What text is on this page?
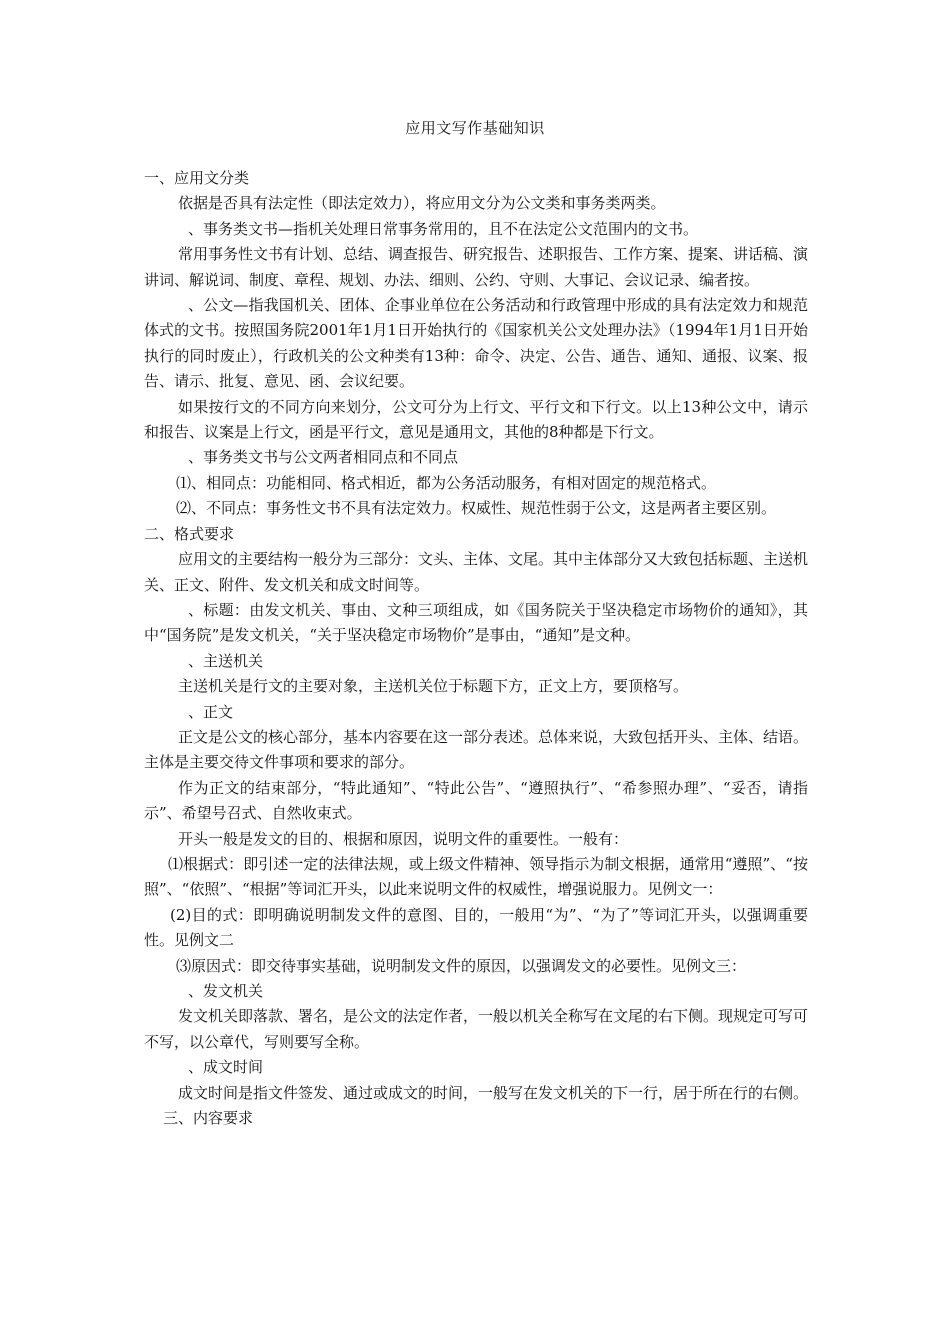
应用文写作基础知识

一、应用文分类

依据是否具有法定性（即法定效力），将应用文分为公文类和事务类两类。

、事务类文书—指机关处理日常事务常用的，且不在法定公文范围内的文书。

常用事务性文书有计划、总结、调查报告、研究报告、述职报告、工作方案、提案、讲话稿、演讲词、解说词、制度、章程、规划、办法、细则、公约、守则、大事记、会议记录、编者按。

、公文—指我国机关、团体、企事业单位在公务活动和行政管理中形成的具有法定效力和规范体式的文书。按照国务院2001年1月1日开始执行的《国家机关公文处理办法》（1994年1月1日开始执行的同时废止），行政机关的公文种类有13种：命令、决定、公告、通告、通知、通报、议案、报告、请示、批复、意见、函、会议纪要。

如果按行文的不同方向来划分，公文可分为上行文、平行文和下行文。以上13种公文中，请示和报告、议案是上行文，函是平行文，意见是通用文，其他的8种都是下行文。

、事务类文书与公文两者相同点和不同点

⑴、相同点：功能相同、格式相近，都为公务活动服务，有相对固定的规范格式。

⑵、不同点：事务性文书不具有法定效力。权威性、规范性弱于公文，这是两者主要区别。

二、格式要求

应用文的主要结构一般分为三部分：文头、主体、文尾。其中主体部分又大致包括标题、主送机关、正文、附件、发文机关和成文时间等。

、标题：由发文机关、事由、文种三项组成，如《国务院关于坚决稳定市场物价的通知》，其中“国务院”是发文机关，“关于坚决稳定市场物价”是事由，“通知”是文种。

、主送机关

主送机关是行文的主要对象，主送机关位于标题下方，正文上方，要顶格写。

、正文

正文是公文的核心部分，基本内容要在这一部分表述。总体来说，大致包括开头、主体、结语。主体是主要交待文件事项和要求的部分。

作为正文的结束部分，“特此通知”、“特此公告”、“遵照执行”、“希参照办理”、“妥否，请指示”、希望号召式、自然收束式。

开头一般是发文的目的、根据和原因，说明文件的重要性。一般有：

⑴根据式：即引述一定的法律法规，或上级文件精神、领导指示为制文根据，通常用“遵照”、“按照”、“依照”、“根据”等词汇开头，以此来说明文件的权威性，增强说服力。见例文一：

(2)目的式：即明确说明制发文件的意图、目的，一般用“为”、“为了”等词汇开头，以强调重要性。见例文二

⑶原因式：即交待事实基础，说明制发文件的原因，以强调发文的必要性。见例文三：

、发文机关

发文机关即落款、署名，是公文的法定作者，一般以机关全称写在文尾的右下侧。现规定可写可不写，以公章代，写则要写全称。

、成文时间

成文时间是指文件签发、通过或成文的时间，一般写在发文机关的下一行，居于所在行的右侧。

三、内容要求
